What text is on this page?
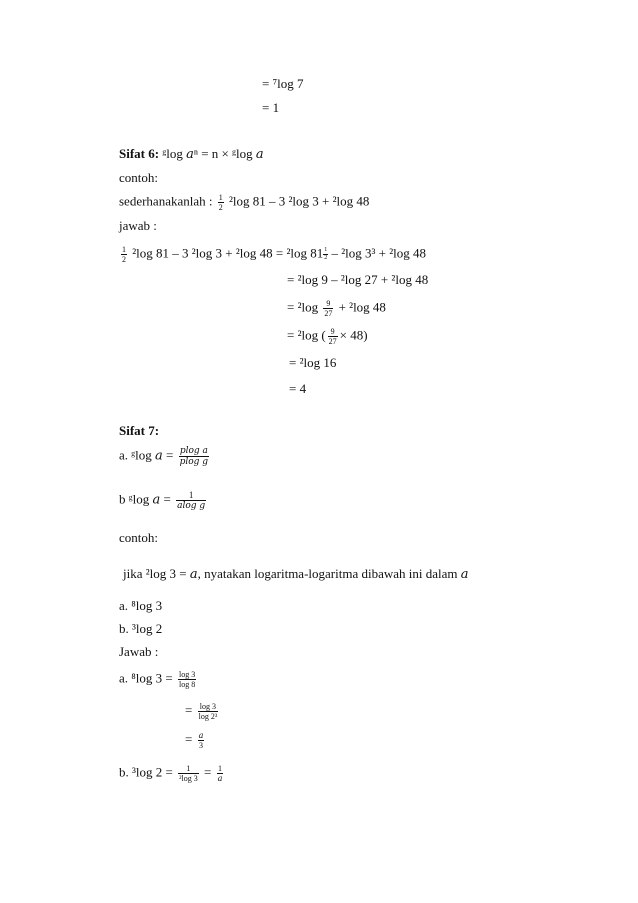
= ⁷log 7
= 1
Sifat 6: ᵍlog 𝑎ⁿ = n × ᵍlog 𝑎
contoh:
sederhanakanlah : $\frac{1}{2} ^2\log$ 81 – 3 ²log 3 + ²log 48
jawab :
$\frac{1}{2} ^2\log$ 81 – 3 ²log 3 + ²log 48 = ²log $81 \frac{1}{2} - ^2\log$ 3³ + ²log 48
= ²log 9 – ²log 27 + ²log 48
= $^2\log \frac{9}{27} + ^2\log$ 48
= ²log ( $\frac{9}{27} \times 48$)
= ²log 16
= 4
Sifat 7:
a. ᵍlog 𝑎 = 𝑝log 𝑎
𝑝log g
b ᵍlog 𝑎 = 1
𝑎log g
contoh:
jika ²log 3 = 𝑎, nyatakan logaritma-logaritma dibawah ini dalam 𝑎
a. ⁸log 3
b. ³log 2
Jawab :
a. ⁸log $3 = \frac{\log 3}{\log 8}$
= $\frac{\log 3}{\text{log 2³}}$
= 𝑎
3
b. ³log $2 = \frac{1}{\text{²log 3}} = 1$
𝑎
